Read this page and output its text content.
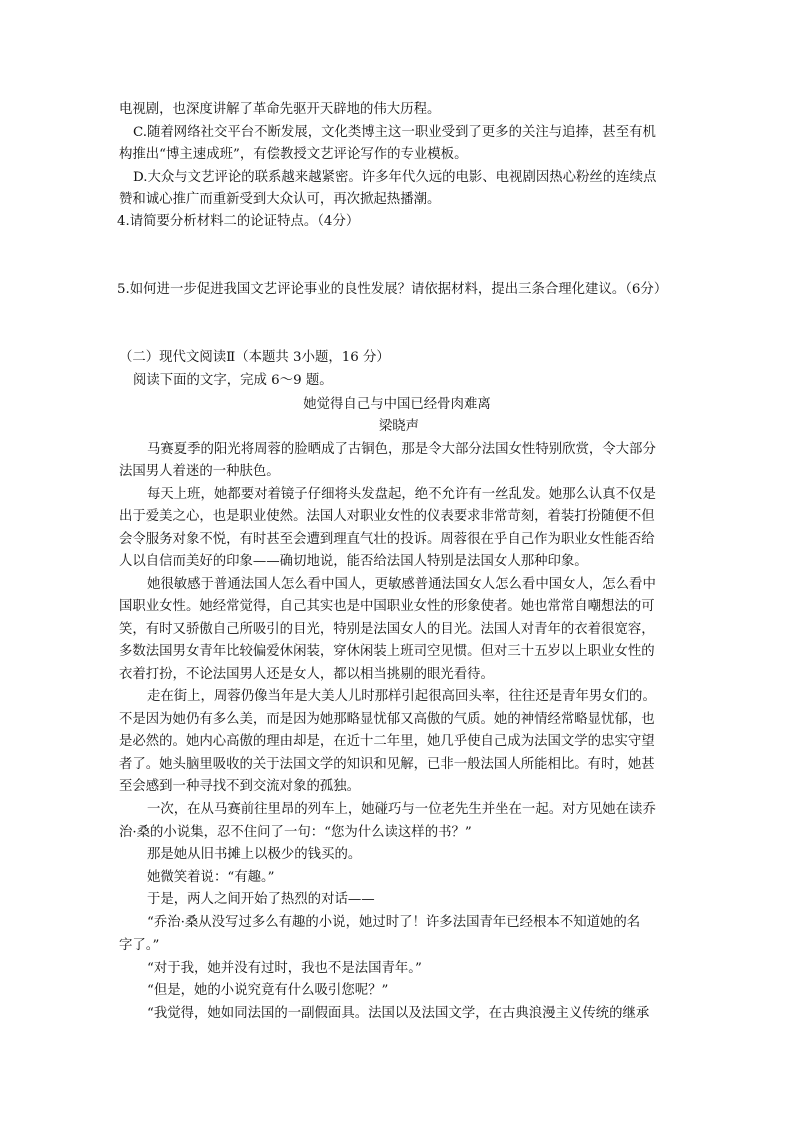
电视剧，也深度讲解了革命先驱开天辟地的伟大历程。
C.随着网络社交平台不断发展，文化类博主这一职业受到了更多的关注与追捧，甚至有机
构推出“博主速成班”，有偿教授文艺评论写作的专业模板。
D.大众与文艺评论的联系越来越紧密。许多年代久远的电影、电视剧因热心粉丝的连续点
赞和诚心推广而重新受到大众认可，再次掀起热播潮。
4.请简要分析材料二的论证特点。（4分）
5.如何进一步促进我国文艺评论事业的良性发展？请依据材料，提出三条合理化建议。（6分）
（二）现代文阅读Ⅱ（本题共 3小题，16 分）
阅读下面的文字，完成 6～9 题。
她觉得自己与中国已经骨肉难离
梁晓声
马赛夏季的阳光将周蓉的脸晒成了古铜色，那是令大部分法国女性特别欣赏，令大部分
法国男人着迷的一种肤色。
每天上班，她都要对着镜子仔细将头发盘起，绝不允许有一丝乱发。她那么认真不仅是
出于爱美之心，也是职业使然。法国人对职业女性的仪表要求非常苛刻，着装打扮随便不但
会令服务对象不悦，有时甚至会遭到理直气壮的投诉。周蓉很在乎自己作为职业女性能否给
人以自信而美好的印象——确切地说，能否给法国人特别是法国女人那种印象。
她很敏感于普通法国人怎么看中国人，更敏感普通法国女人怎么看中国女人，怎么看中
国职业女性。她经常觉得，自己其实也是中国职业女性的形象使者。她也常常自嘲想法的可
笑，有时又骄傲自己所吸引的目光，特别是法国女人的目光。法国人对青年的衣着很宽容，
多数法国男女青年比较偏爱休闲装，穿休闲装上班司空见惯。但对三十五岁以上职业女性的
衣着打扮，不论法国男人还是女人，都以相当挑剔的眼光看待。
走在街上，周蓉仍像当年是大美人儿时那样引起很高回头率，往往还是青年男女们的。
不是因为她仍有多么美，而是因为她那略显忧郁又高傲的气质。她的神情经常略显忧郁，也
是必然的。她内心高傲的理由却是，在近十二年里，她几乎使自己成为法国文学的忠实守望
者了。她头脑里吸收的关于法国文学的知识和见解，已非一般法国人所能相比。有时，她甚
至会感到一种寻找不到交流对象的孤独。
一次，在从马赛前往里昂的列车上，她碰巧与一位老先生并坐在一起。对方见她在读乔
治·桑的小说集，忍不住问了一句：“您为什么读这样的书？”
那是她从旧书摊上以极少的钱买的。
她微笑着说：“有趣。”
于是，两人之间开始了热烈的对话——
“乔治·桑从没写过多么有趣的小说，她过时了！许多法国青年已经根本不知道她的名
字了。”
“对于我，她并没有过时，我也不是法国青年。”
“但是，她的小说究竟有什么吸引您呢？”
“我觉得，她如同法国的一副假面具。法国以及法国文学，在古典浪漫主义传统的继承
